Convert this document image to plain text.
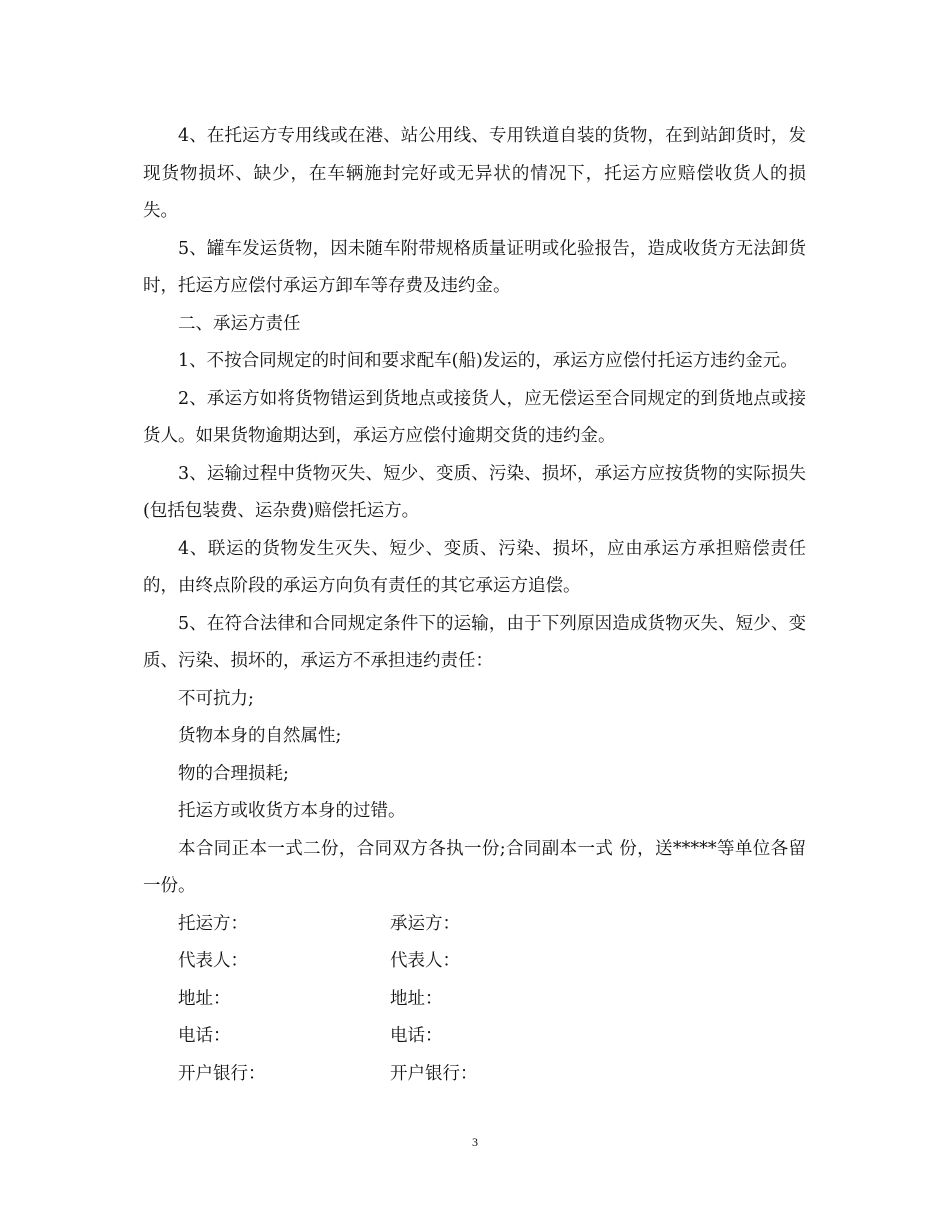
4、在托运方专用线或在港、站公用线、专用铁道自装的货物，在到站卸货时，发现货物损坏、缺少，在车辆施封完好或无异状的情况下，托运方应赔偿收货人的损失。

5、罐车发运货物，因未随车附带规格质量证明或化验报告，造成收货方无法卸货时，托运方应偿付承运方卸车等存费及违约金。

二、承运方责任

1、不按合同规定的时间和要求配车(船)发运的，承运方应偿付托运方违约金元。

2、承运方如将货物错运到货地点或接货人，应无偿运至合同规定的到货地点或接货人。如果货物逾期达到，承运方应偿付逾期交货的违约金。

3、运输过程中货物灭失、短少、变质、污染、损坏，承运方应按货物的实际损失(包括包装费、运杂费)赔偿托运方。

4、联运的货物发生灭失、短少、变质、污染、损坏，应由承运方承担赔偿责任的，由终点阶段的承运方向负有责任的其它承运方追偿。

5、在符合法律和合同规定条件下的运输，由于下列原因造成货物灭失、短少、变质、污染、损坏的，承运方不承担违约责任：

不可抗力;

货物本身的自然属性;

物的合理损耗;

托运方或收货方本身的过错。

本合同正本一式二份，合同双方各执一份;合同副本一式 份，送*****等单位各留一份。

托运方：	承运方：
代表人：	代表人：
地址：	地址：
电话：	电话：
开户银行：	开户银行：
3
